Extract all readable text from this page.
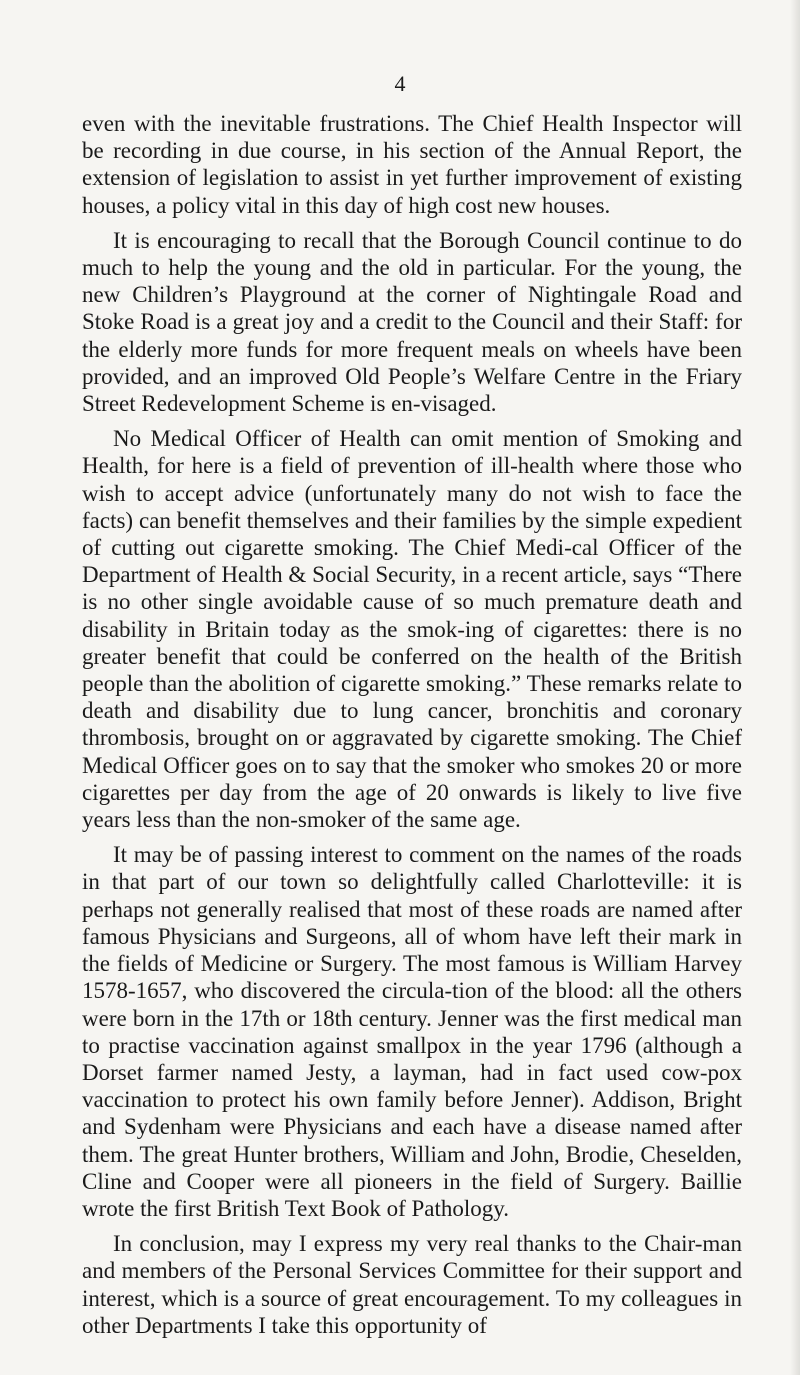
4

even with the inevitable frustrations. The Chief Health Inspector will be recording in due course, in his section of the Annual Report, the extension of legislation to assist in yet further improvement of existing houses, a policy vital in this day of high cost new houses.

It is encouraging to recall that the Borough Council continue to do much to help the young and the old in particular. For the young, the new Children’s Playground at the corner of Nightingale Road and Stoke Road is a great joy and a credit to the Council and their Staff: for the elderly more funds for more frequent meals on wheels have been provided, and an improved Old People’s Welfare Centre in the Friary Street Redevelopment Scheme is en-visaged.

No Medical Officer of Health can omit mention of Smoking and Health, for here is a field of prevention of ill-health where those who wish to accept advice (unfortunately many do not wish to face the facts) can benefit themselves and their families by the simple expedient of cutting out cigarette smoking. The Chief Medi-cal Officer of the Department of Health & Social Security, in a recent article, says “There is no other single avoidable cause of so much premature death and disability in Britain today as the smok-ing of cigarettes: there is no greater benefit that could be conferred on the health of the British people than the abolition of cigarette smoking.” These remarks relate to death and disability due to lung cancer, bronchitis and coronary thrombosis, brought on or aggravated by cigarette smoking. The Chief Medical Officer goes on to say that the smoker who smokes 20 or more cigarettes per day from the age of 20 onwards is likely to live five years less than the non-smoker of the same age.

It may be of passing interest to comment on the names of the roads in that part of our town so delightfully called Charlotteville: it is perhaps not generally realised that most of these roads are named after famous Physicians and Surgeons, all of whom have left their mark in the fields of Medicine or Surgery. The most famous is William Harvey 1578-1657, who discovered the circula-tion of the blood: all the others were born in the 17th or 18th century. Jenner was the first medical man to practise vaccination against smallpox in the year 1796 (although a Dorset farmer named Jesty, a layman, had in fact used cow-pox vaccination to protect his own family before Jenner). Addison, Bright and Sydenham were Physicians and each have a disease named after them. The great Hunter brothers, William and John, Brodie, Cheselden, Cline and Cooper were all pioneers in the field of Surgery. Baillie wrote the first British Text Book of Pathology.

In conclusion, may I express my very real thanks to the Chair-man and members of the Personal Services Committee for their support and interest, which is a source of great encouragement. To my colleagues in other Departments I take this opportunity of
